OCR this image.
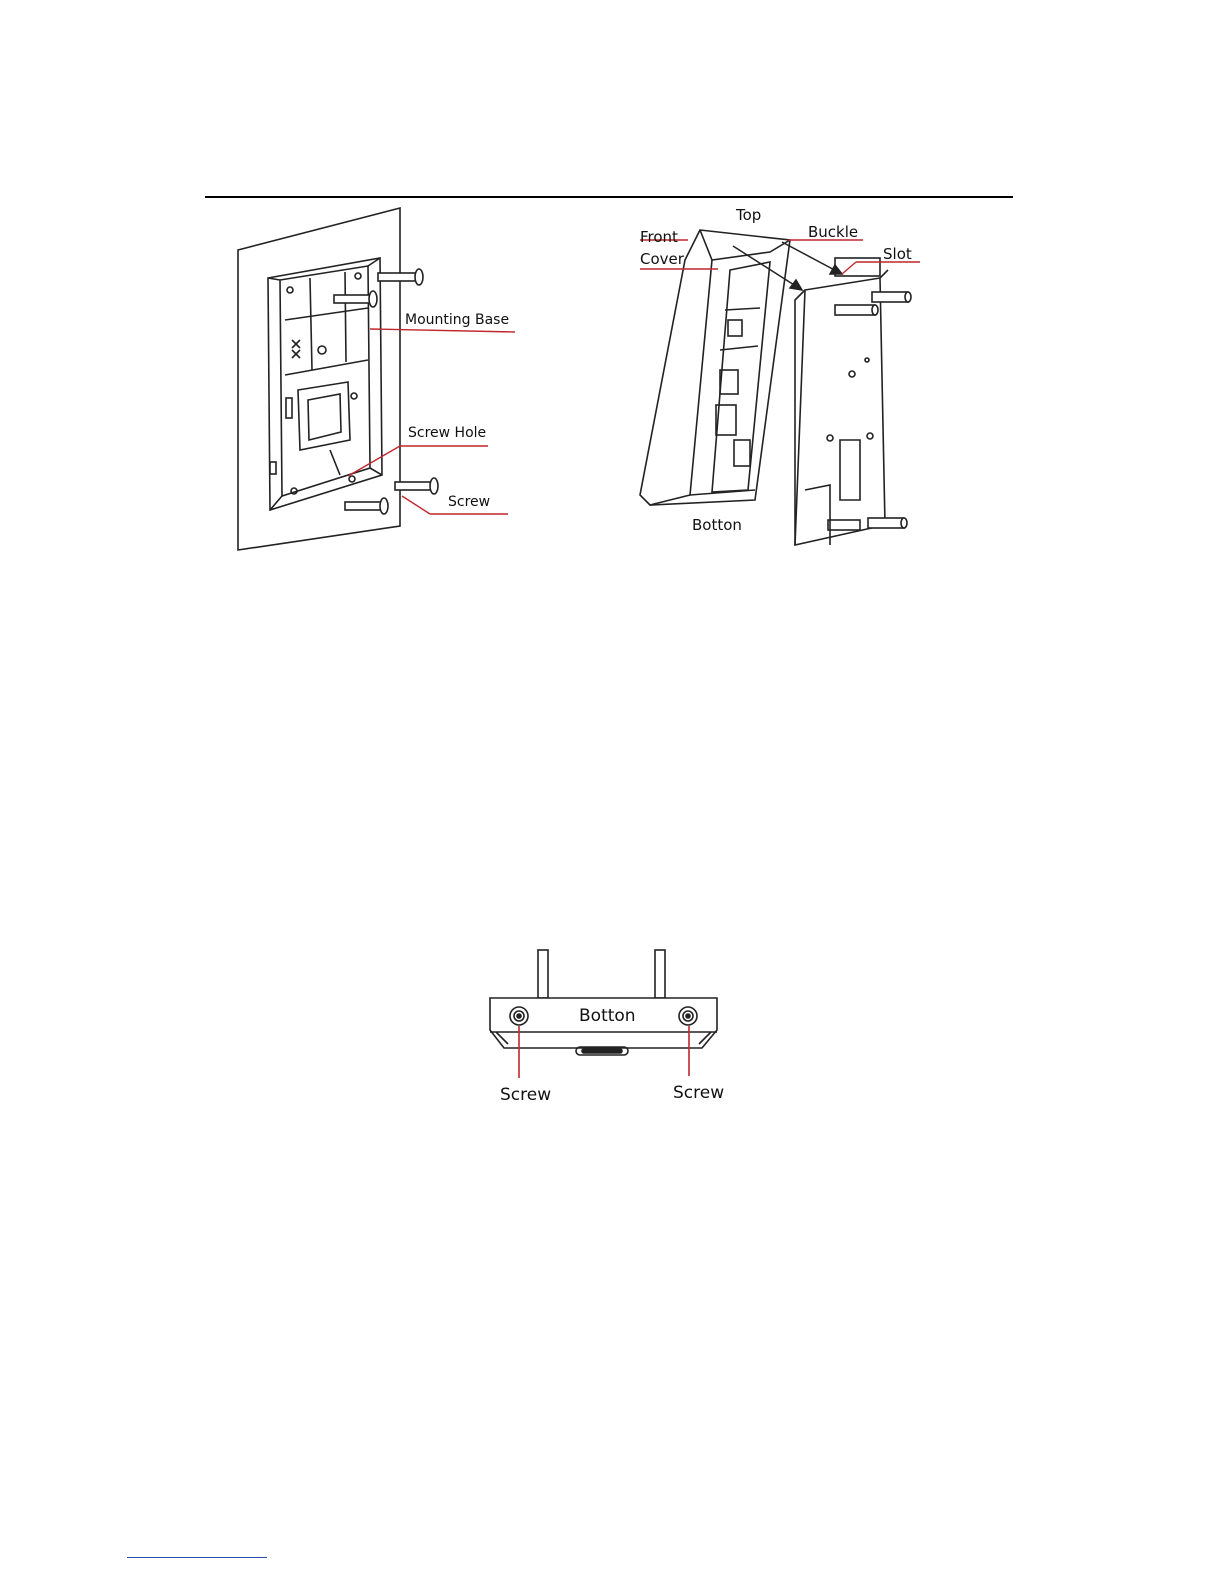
Mounting Base
Screw Hole
Screw
Top
Front
Cover
Buckle
Slot
Botton
Botton
Screw	Screw
